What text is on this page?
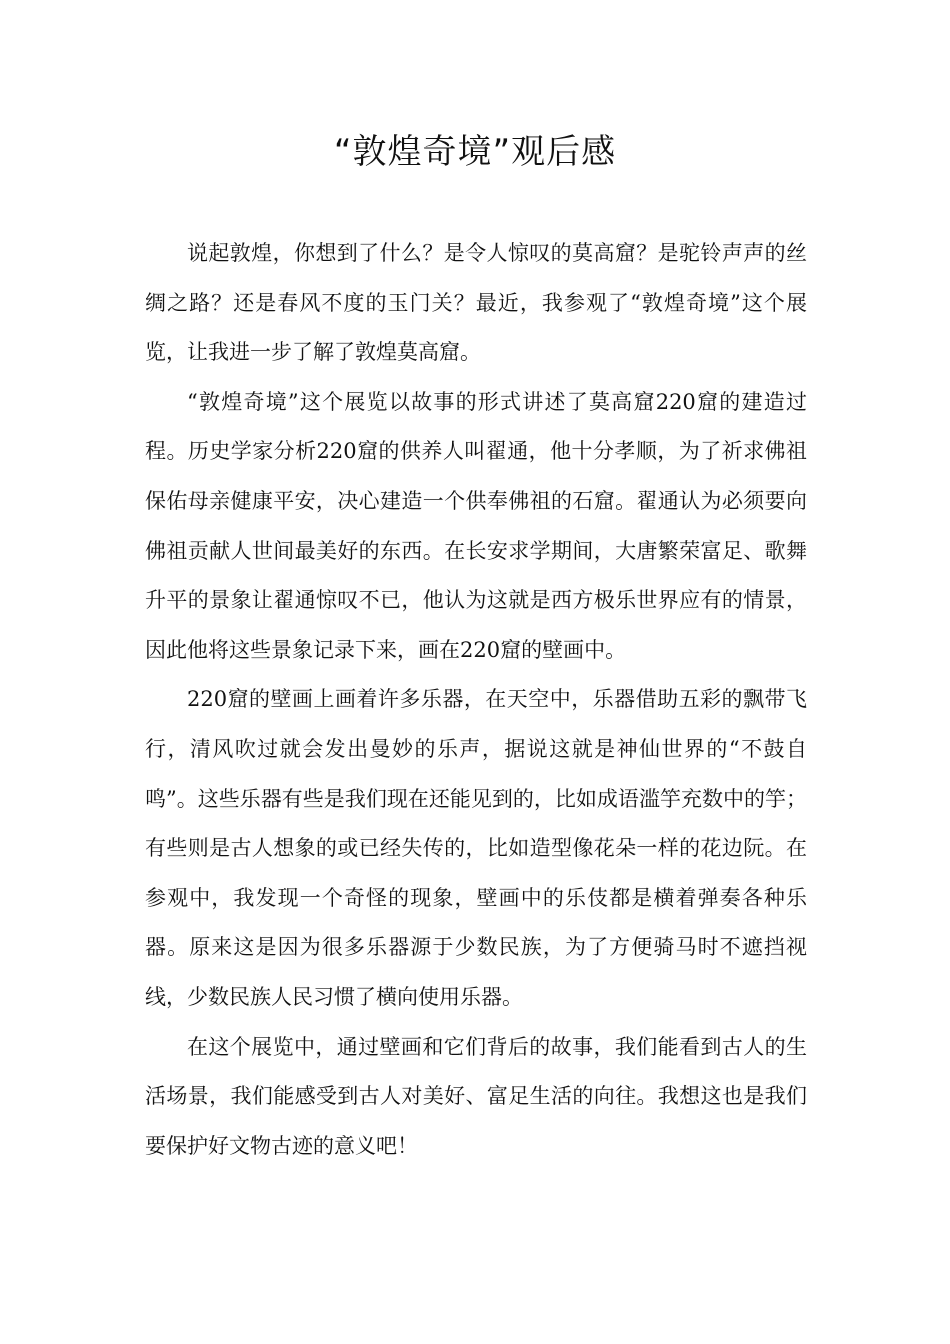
“敦煌奇境”观后感

说起敦煌，你想到了什么？是令人惊叹的莫高窟？是驼铃声声的丝绸之路？还是春风不度的玉门关？最近，我参观了“敦煌奇境”这个展览，让我进一步了解了敦煌莫高窟。

“敦煌奇境”这个展览以故事的形式讲述了莫高窟220窟的建造过程。历史学家分析220窟的供养人叫翟通，他十分孝顺，为了祈求佛祖保佑母亲健康平安，决心建造一个供奉佛祖的石窟。翟通认为必须要向佛祖贡献人世间最美好的东西。在长安求学期间，大唐繁荣富足、歌舞升平的景象让翟通惊叹不已，他认为这就是西方极乐世界应有的情景，因此他将这些景象记录下来，画在220窟的壁画中。

220窟的壁画上画着许多乐器，在天空中，乐器借助五彩的飘带飞行，清风吹过就会发出曼妙的乐声，据说这就是神仙世界的“不鼓自鸣”。这些乐器有些是我们现在还能见到的，比如成语滥竽充数中的竽；有些则是古人想象的或已经失传的，比如造型像花朵一样的花边阮。在参观中，我发现一个奇怪的现象，壁画中的乐伎都是横着弹奏各种乐器。原来这是因为很多乐器源于少数民族，为了方便骑马时不遮挡视线，少数民族人民习惯了横向使用乐器。

在这个展览中，通过壁画和它们背后的故事，我们能看到古人的生活场景，我们能感受到古人对美好、富足生活的向往。我想这也是我们要保护好文物古迹的意义吧！
